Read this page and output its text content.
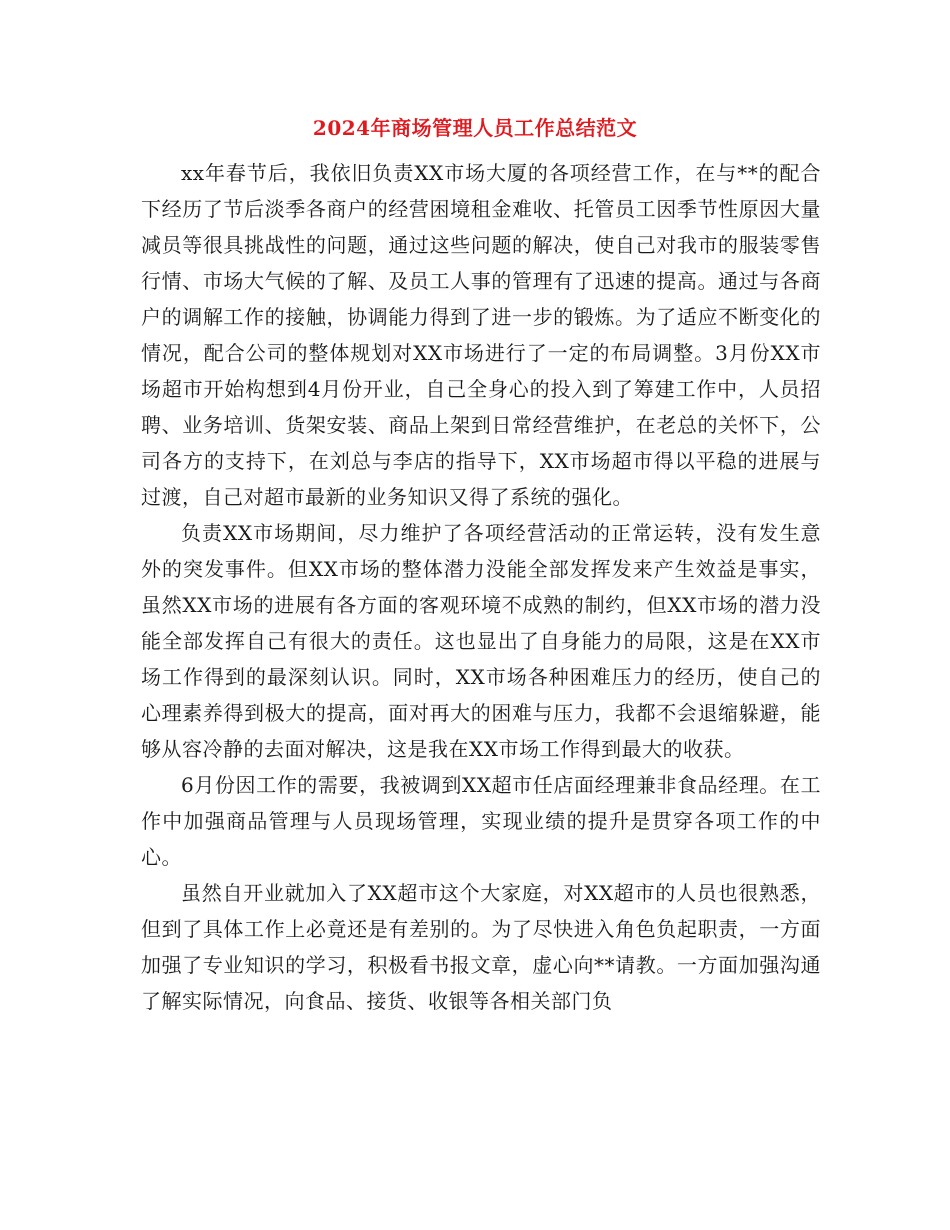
2024年商场管理人员工作总结范文

xx年春节后，我依旧负责XX市场大厦的各项经营工作，在与**的配合下经历了节后淡季各商户的经营困境租金难收、托管员工因季节性原因大量减员等很具挑战性的问题，通过这些问题的解决，使自己对我市的服装零售行情、市场大气候的了解、及员工人事的管理有了迅速的提高。通过与各商户的调解工作的接触，协调能力得到了进一步的锻炼。为了适应不断变化的情况，配合公司的整体规划对XX市场进行了一定的布局调整。3月份XX市场超市开始构想到4月份开业，自己全身心的投入到了筹建工作中，人员招聘、业务培训、货架安装、商品上架到日常经营维护，在老总的关怀下，公司各方的支持下，在刘总与李店的指导下，XX市场超市得以平稳的进展与过渡，自己对超市最新的业务知识又得了系统的强化。

负责XX市场期间，尽力维护了各项经营活动的正常运转，没有发生意外的突发事件。但XX市场的整体潜力没能全部发挥发来产生效益是事实，虽然XX市场的进展有各方面的客观环境不成熟的制约，但XX市场的潜力没能全部发挥自己有很大的责任。这也显出了自身能力的局限，这是在XX市场工作得到的最深刻认识。同时，XX市场各种困难压力的经历，使自己的心理素养得到极大的提高，面对再大的困难与压力，我都不会退缩躲避，能够从容冷静的去面对解决，这是我在XX市场工作得到最大的收获。

6月份因工作的需要，我被调到XX超市任店面经理兼非食品经理。在工作中加强商品管理与人员现场管理，实现业绩的提升是贯穿各项工作的中心。

虽然自开业就加入了XX超市这个大家庭，对XX超市的人员也很熟悉，但到了具体工作上必竟还是有差别的。为了尽快进入角色负起职责，一方面加强了专业知识的学习，积极看书报文章，虚心向**请教。一方面加强沟通了解实际情况，向食品、接货、收银等各相关部门负
